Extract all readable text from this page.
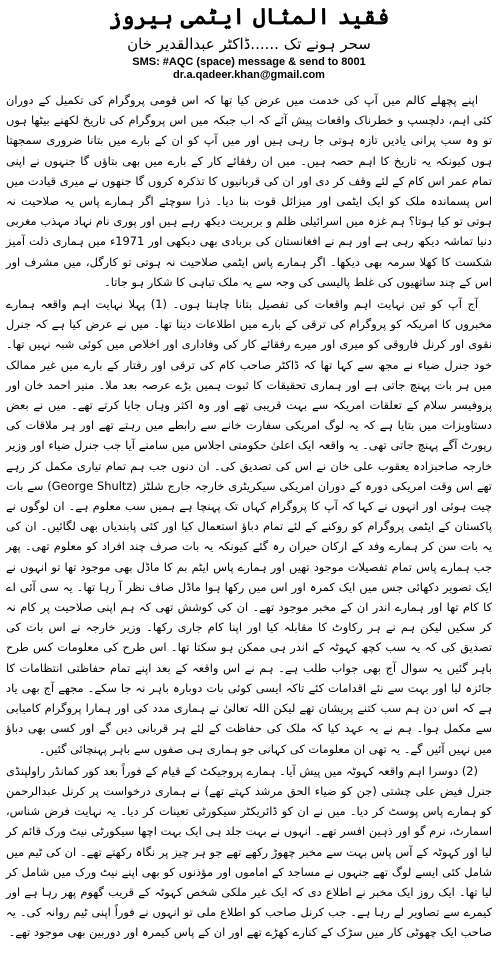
فقید المثال ایٹمی ہیروز
سحر ہونے تک ......ڈاکٹر عبدالقدیر خان
SMS: #AQC (space) message & send to 8001
dr.a.qadeer.khan@gmail.com

اپنے پچھلے کالم میں آپ کی خدمت میں عرض کیا تھا کہ اس قومی پروگرام کی تکمیل کے دوران کئی اہم، دلچسپ و خطرناک واقعات پیش آئے کہ اب جبکہ میں اس پروگرام کی تاریخ لکھنے بیٹھا ہوں تو وہ سب پرانی یادیں تازہ ہوتی جا رہی ہیں اور میں آپ کو ان کے بارے میں بتانا ضروری سمجھتا ہوں کیونکہ یہ تاریخ کا اہم حصہ ہیں۔ میں ان رفقائے کار کے بارے میں بھی بتاؤں گا جنہوں نے اپنی تمام عمر اس کام کے لئے وقف کر دی اور ان کی قربانیوں کا تذکرہ کروں گا جنھوں نے میری قیادت میں اس پسماندہ ملک کو ایک ایٹمی اور میزائل قوت بنا دیا۔ ذرا سوچئے اگر ہمارے پاس یہ صلاحیت نہ ہوتی تو کیا ہوتا؟ ہم غزہ میں اسرائیلی ظلم و بربریت دیکھ رہے ہیں اور پوری نام نہاد مہذب مغربی دنیا تماشہ دیکھ رہی ہے اور ہم نے افغانستان کی بربادی بھی دیکھی اور 1971ء میں ہماری ذلت آمیز شکست کا کھلا سرمہ بھی دیکھا۔ اگر ہمارے پاس ایٹمی صلاحیت نہ ہوتی تو کارگل، میں مشرف اور اس کے چند ساتھیوں کی غلط پالیسی کی وجہ سے یہ ملک تباہی کا شکار ہو جاتا۔

آج آپ کو تین نہایت اہم واقعات کی تفصیل بتانا چاہتا ہوں۔ (1) پہلا نہایت اہم واقعہ ہمارے مخبروں کا امریکہ کو پروگرام کی ترقی کے بارے میں اطلاعات دینا تھا۔ میں نے عرض کیا ہے کہ جنرل نقوی اور کرنل فاروقی کو میری اور میرے رفقائے کار کی وفاداری اور اخلاص میں کوئی شبہ نہیں تھا۔ خود جنرل ضیاء نے مجھ سے کہا تھا کہ ڈاکٹر صاحب کام کی ترقی اور رفتار کے بارے میں غیر ممالک میں ہر بات پہنچ جاتی ہے اور ہماری تحقیقات کا ثبوت ہمیں بڑے عرصہ بعد ملا۔ منیر احمد خان اور پروفیسر سلام کے تعلقات امریکہ سے بہت قریبی تھے اور وہ اکثر وہاں جایا کرتے تھے۔ میں نے بعض دستاویزات میں بتایا ہے کہ یہ لوگ امریکی سفارت خانے سے رابطے میں رہتے تھے اور ہر ملاقات کی رپورٹ آگے پہنچ جاتی تھی۔ یہ واقعہ ایک اعلیٰ حکومتی اجلاس میں سامنے آیا جب جنرل ضیاء اور وزیر خارجہ صاحبزادہ یعقوب علی خان نے اس کی تصدیق کی۔ ان دنوں جب ہم تمام تیاری مکمل کر رہے تھے اس وقت امریکی دورہ کے دوران امریکی سیکریٹری خارجہ جارج شلٹز (George Shultz) سے بات چیت ہوئی اور انہوں نے کہا کہ آپ کا پروگرام کہاں تک پہنچا ہے ہمیں سب معلوم ہے۔ ان لوگوں نے پاکستان کے ایٹمی پروگرام کو روکنے کے لئے تمام دباؤ استعمال کیا اور کئی پابندیاں بھی لگائیں۔ ان کی یہ بات سن کر ہمارے وفد کے ارکان حیران رہ گئے کیونکہ یہ بات صرف چند افراد کو معلوم تھی۔ پھر جب ہمارے پاس تمام تفصیلات موجود تھیں اور ہمارے پاس ایٹم بم کا ماڈل بھی موجود تھا تو انہوں نے ایک تصویر دکھائی جس میں ایک کمرہ اور اس میں رکھا ہوا ماڈل صاف نظر آ رہا تھا۔ یہ سی آئی اے کا کام تھا اور ہمارے اندر ان کے مخبر موجود تھے۔ ان کی کوشش تھی کہ ہم اپنی صلاحیت پر کام نہ کر سکیں لیکن ہم نے ہر رکاوٹ کا مقابلہ کیا اور اپنا کام جاری رکھا۔ وزیر خارجہ نے اس بات کی تصدیق کی کہ یہ سب کچھ کہوٹہ کے اندر ہی ممکن ہو سکتا تھا۔ اس طرح کی معلومات کس طرح باہر گئیں یہ سوال آج بھی جواب طلب ہے۔ ہم نے اس واقعہ کے بعد اپنے تمام حفاظتی انتظامات کا جائزہ لیا اور بہت سے نئے اقدامات کئے تاکہ ایسی کوئی بات دوبارہ باہر نہ جا سکے۔ مجھے آج بھی یاد ہے کہ اس دن ہم سب کتنے پریشان تھے لیکن اللہ تعالیٰ نے ہماری مدد کی اور ہمارا پروگرام کامیابی سے مکمل ہوا۔ ہم نے یہ عہد کیا کہ ملک کی حفاظت کے لئے ہر قربانی دیں گے اور کسی بھی دباؤ میں نہیں آئیں گے۔ یہ تھی ان معلومات کی کہانی جو ہماری ہی صفوں سے باہر پہنچائی گئیں۔

(2) دوسرا اہم واقعہ کہوٹہ میں پیش آیا۔ ہمارے پروجیکٹ کے قیام کے فوراً بعد کور کمانڈر راولپنڈی جنرل فیض علی چشتی (جن کو ضیاء الحق مرشد کہتے تھے) نے ہماری درخواست پر کرنل عبدالرحمن کو ہمارے پاس پوسٹ کر دیا۔ میں نے ان کو ڈائریکٹر سیکورٹی تعینات کر دیا۔ یہ نہایت فرض شناس، اسمارٹ، نرم گو اور ذہین افسر تھے۔ انہوں نے بہت جلد ہی ایک بہت اچھا سیکورٹی نیٹ ورک قائم کر لیا اور کہوٹہ کے آس پاس بہت سے مخبر چھوڑ رکھے تھے جو ہر چیز پر نگاہ رکھتے تھے۔ ان کی ٹیم میں شامل کئی ایسے لوگ تھے جنہوں نے مساجد کے اماموں اور مؤذنوں کو بھی اپنے نیٹ ورک میں شامل کر لیا تھا۔ ایک روز ایک مخبر نے اطلاع دی کہ ایک غیر ملکی شخص کہوٹہ کے قریب گھوم پھر رہا ہے اور کیمرے سے تصاویر لے رہا ہے۔ جب کرنل صاحب کو اطلاع ملی تو انہوں نے فوراً اپنی ٹیم روانہ کی۔ یہ صاحب ایک چھوٹی کار میں سڑک کے کنارے کھڑے تھے اور ان کے پاس کیمرہ اور دوربین بھی موجود تھے۔
